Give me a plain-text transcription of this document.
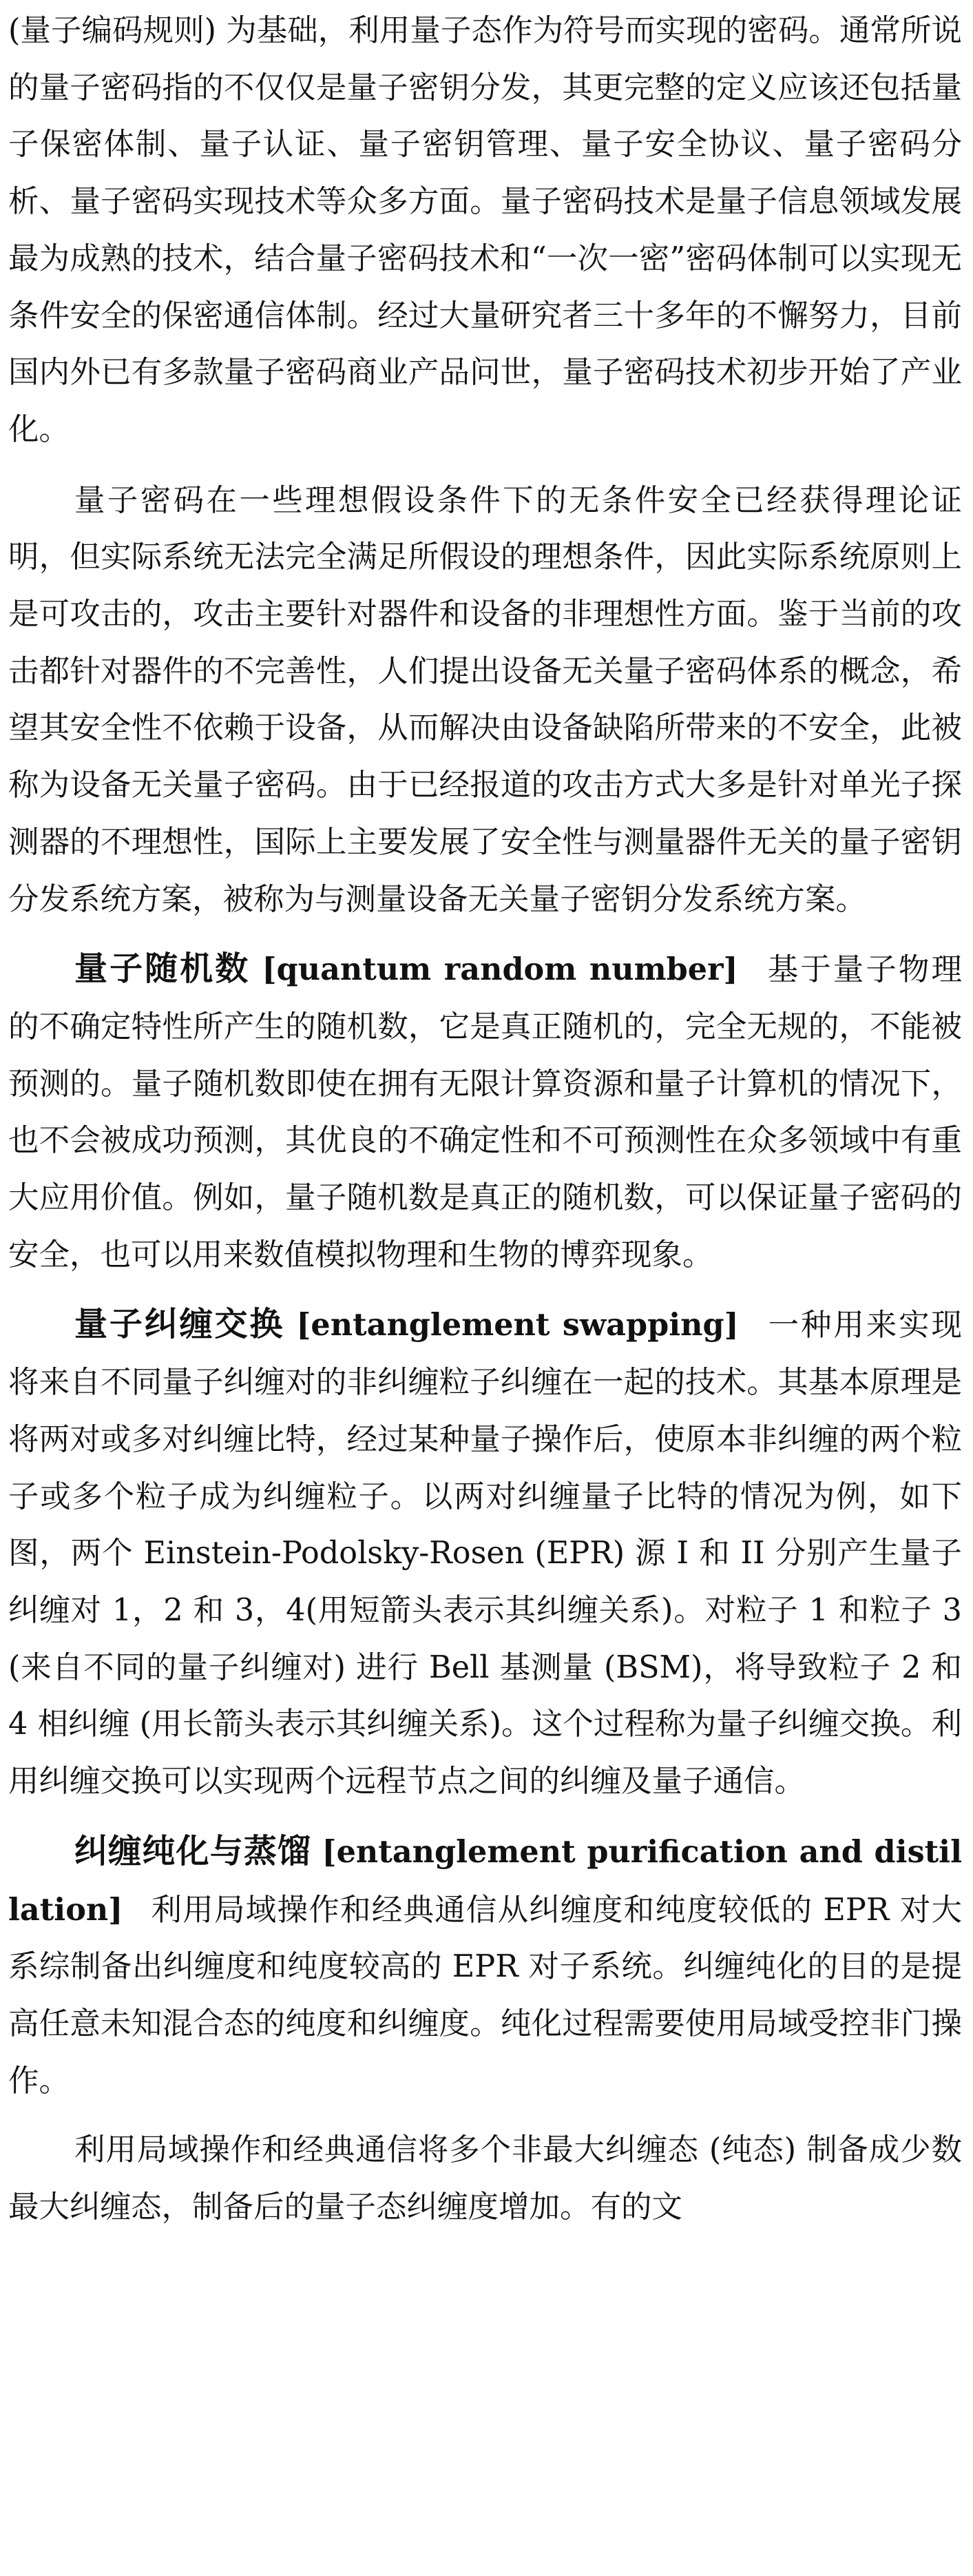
(量子编码规则) 为基础，利用量子态作为符号而实现的密码。通常所说的量子密码指的不仅仅是量子密钥分发，其更完整的定义应该还包括量子保密体制、量子认证、量子密钥管理、量子安全协议、量子密码分析、量子密码实现技术等众多方面。量子密码技术是量子信息领域发展最为成熟的技术，结合量子密码技术和“一次一密”密码体制可以实现无条件安全的保密通信体制。经过大量研究者三十多年的不懈努力，目前国内外已有多款量子密码商业产品问世，量子密码技术初步开始了产业化。

量子密码在一些理想假设条件下的无条件安全已经获得理论证明，但实际系统无法完全满足所假设的理想条件，因此实际系统原则上是可攻击的，攻击主要针对器件和设备的非理想性方面。鉴于当前的攻击都针对器件的不完善性，人们提出设备无关量子密码体系的概念，希望其安全性不依赖于设备，从而解决由设备缺陷所带来的不安全，此被称为设备无关量子密码。由于已经报道的攻击方式大多是针对单光子探测器的不理想性，国际上主要发展了安全性与测量器件无关的量子密钥分发系统方案，被称为与测量设备无关量子密钥分发系统方案。

量子随机数 [quantum random number] 基于量子物理的不确定特性所产生的随机数，它是真正随机的，完全无规的，不能被预测的。量子随机数即使在拥有无限计算资源和量子计算机的情况下，也不会被成功预测，其优良的不确定性和不可预测性在众多领域中有重大应用价值。例如，量子随机数是真正的随机数，可以保证量子密码的安全，也可以用来数值模拟物理和生物的博弈现象。

量子纠缠交换 [entanglement swapping] 一种用来实现将来自不同量子纠缠对的非纠缠粒子纠缠在一起的技术。其基本原理是将两对或多对纠缠比特，经过某种量子操作后，使原本非纠缠的两个粒子或多个粒子成为纠缠粒子。以两对纠缠量子比特的情况为例，如下图，两个 Einstein-Podolsky-Rosen (EPR) 源 I 和 II 分别产生量子纠缠对 1，2 和 3，4(用短箭头表示其纠缠关系)。对粒子 1 和粒子 3(来自不同的量子纠缠对) 进行 Bell 基测量 (BSM)，将导致粒子 2 和 4 相纠缠 (用长箭头表示其纠缠关系)。这个过程称为量子纠缠交换。利用纠缠交换可以实现两个远程节点之间的纠缠及量子通信。

纠缠纯化与蒸馏 [entanglement purification and distillation] 利用局域操作和经典通信从纠缠度和纯度较低的 EPR 对大系综制备出纠缠度和纯度较高的 EPR 对子系统。纠缠纯化的目的是提高任意未知混合态的纯度和纠缠度。纯化过程需要使用局域受控非门操作。

利用局域操作和经典通信将多个非最大纠缠态 (纯态) 制备成少数最大纠缠态，制备后的量子态纠缠度增加。有的文
